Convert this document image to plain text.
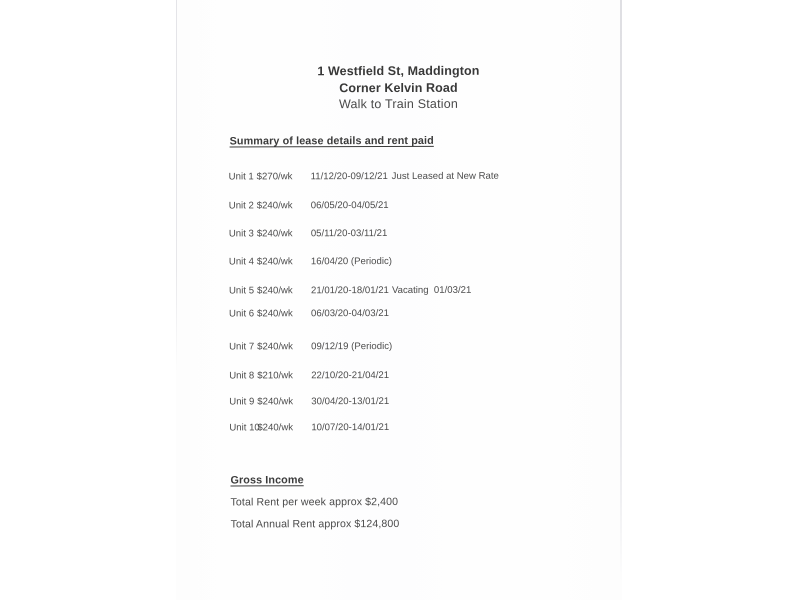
1 Westfield St, Maddington
Corner Kelvin Road
Walk to Train Station
Summary of lease details and rent paid
Unit 1 $270/wk 11/12/20-09/12/21 Just Leased at New Rate
Unit 2 $240/wk 06/05/20-04/05/21
Unit 3 $240/wk 05/11/20-03/11/21
Unit 4 $240/wk 16/04/20 (Periodic)
Unit 5 $240/wk 21/01/20-18/01/21 Vacating  01/03/21
Unit 6 $240/wk 06/03/20-04/03/21
Unit 7 $240/wk 09/12/19 (Periodic)
Unit 8 $210/wk 22/10/20-21/04/21
Unit 9 $240/wk 30/04/20-13/01/21
Unit 10
$240/wk 10/07/20-14/01/21
Gross Income
Total Rent per week approx $2,400
Total Annual Rent approx $124,800
